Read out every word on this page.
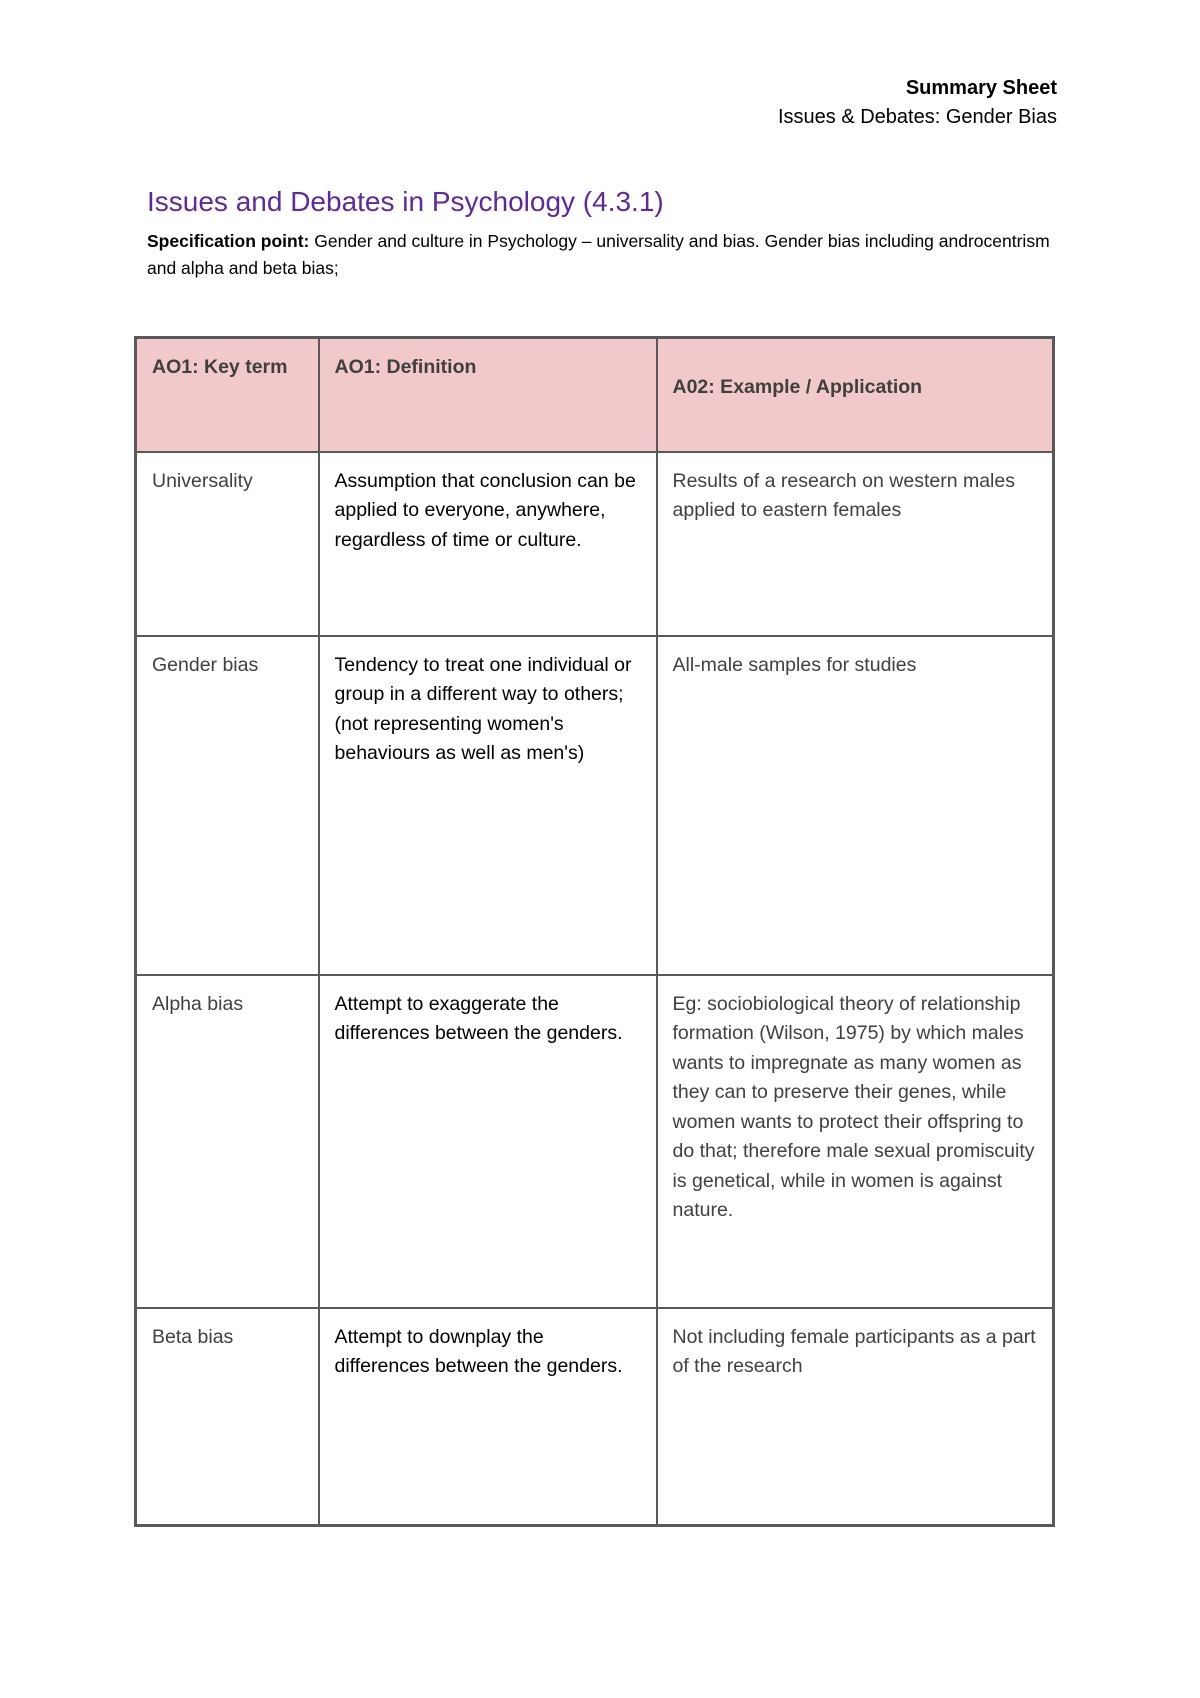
Summary Sheet
Issues & Debates: Gender Bias
Issues and Debates in Psychology (4.3.1)
Specification point: Gender and culture in Psychology – universality and bias. Gender bias including androcentrism and alpha and beta bias;
AO1: Key term	AO1: Definition	A02: Example / Application
Universality	Assumption that conclusion can be applied to everyone, anywhere, regardless of time or culture.	Results of a research on western males applied to eastern females
Gender bias	Tendency to treat one individual or group in a different way to others; (not representing women's behaviours as well as men's)	All-male samples for studies
Alpha bias	Attempt to exaggerate the differences between the genders.	Eg: sociobiological theory of relationship formation (Wilson, 1975) by which males wants to impregnate as many women as they can to preserve their genes, while women wants to protect their offspring to do that; therefore male sexual promiscuity is genetical, while in women is against nature.
Beta bias	Attempt to downplay the differences between the genders.	Not including female participants as a part of the research
